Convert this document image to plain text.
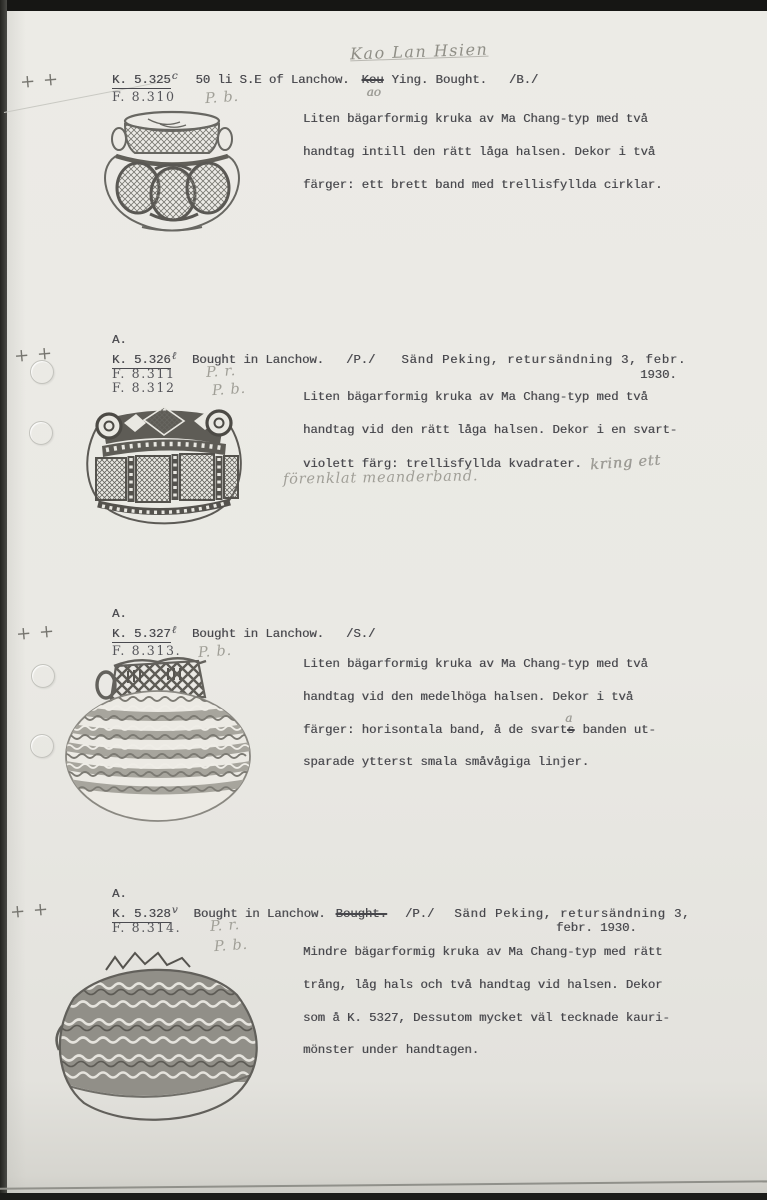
++
Kao Lan Hsien
K. 5.325$^c$ 50 li S.E of Lanchow. Keu
ao
Ying. Bought. /B./
F. 8.310 P. b.
Liten bägarformig kruka av Ma Chang-typ med två
handtag intill den rätt låga halsen. Dekor i två
färger: ett brett band med trellisfyllda cirklar.
++
A.
K. $5.326^\ell$ Bought in Lanchow. /P./ Sänd Peking, retursändning 3, febr.
1930.
F. 8.311 P. r.
F. 8.312 P. b.	Liten bägarformig kruka av Ma Chang-typ med två
handtag vid den rätt låga halsen. Dekor i en svart-
violett färg: trellisfyllda kvadrater. kring ett
förenklat meanderband.
++
A.
K. $5.327^\ell$ Bought in Lanchow. /S./
F. 8.313. P. b.
Liten bägarformig kruka av Ma Chang-typ med två
handtag vid den medelhöga halsen. Dekor i två
färger: horisontala band, å de svarts
a
banden ut-
sparade ytterst smala småvågiga linjer.
++
A.
K. 5.328$^v$ Bought in Lanchow. Bought. /P./ Sänd Peking, retursändning 3,
febr. 1930.
F. 8.314. P. r.
P. b.	Mindre bägarformig kruka av Ma Chang-typ med rätt
trång, låg hals och två handtag vid halsen. Dekor
som å K. 5327, Dessutom mycket väl tecknade kauri-
mönster under handtagen.
